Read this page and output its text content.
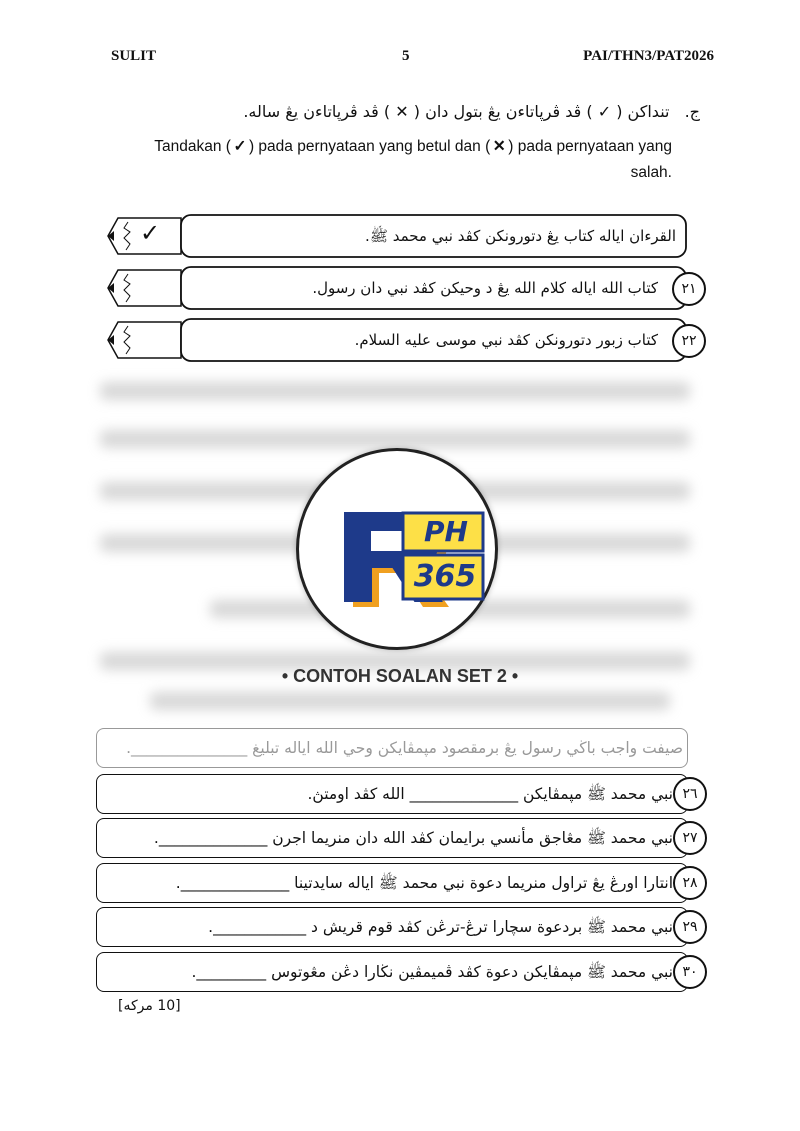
SULIT	5	PAI/THN3/PAT2026
ج. تنداكن ( ✓ ) ڤد ڤرپاتاءن يڠ بتول دان ( ✕ ) ڤد ڤرپاتاءن يڠ ساله.
Tandakan ( ✓ ) pada pernyataan yang betul dan ( ✕ ) pada pernyataan yang salah.
✓	القرءان اياله كتاب يڠ دتورونكن كڤد نبي محمد ﷺ.
كتاب الله اياله كلام الله يڠ د وحيكن كڤد نبي دان رسول.	٢١
كتاب زبور دتورونكن كڤد نبي موسى عليه السلام.	٢٢
PH
365
• CONTOH SOALAN SET 2 •
صيفت واجب باڬي رسول يڠ برمقصود مپمڤايكن وحي الله اياله تبليغ _______________.
نبي محمد ﷺ مپمڤايكن ______________ الله كڤد اومتڽ. ٢٦
نبي محمد ﷺ مڠاجق مأنسي برايمان كڤد الله دان منريما اجرن ______________. ٢٧
انتارا اورڠ يڠ تراول منريما دعوة نبي محمد ﷺ اياله سايدتينا ______________. ٢٨
نبي محمد ﷺ بردعوة سچارا ترڠ-ترڠن كڤد قوم قريش د ____________. ٢٩
نبي محمد ﷺ مپمڤايكن دعوة كڤد ڤميمڤين نڬارا دڠن مڠوتوس _________. ٣٠
[10 مركه]
